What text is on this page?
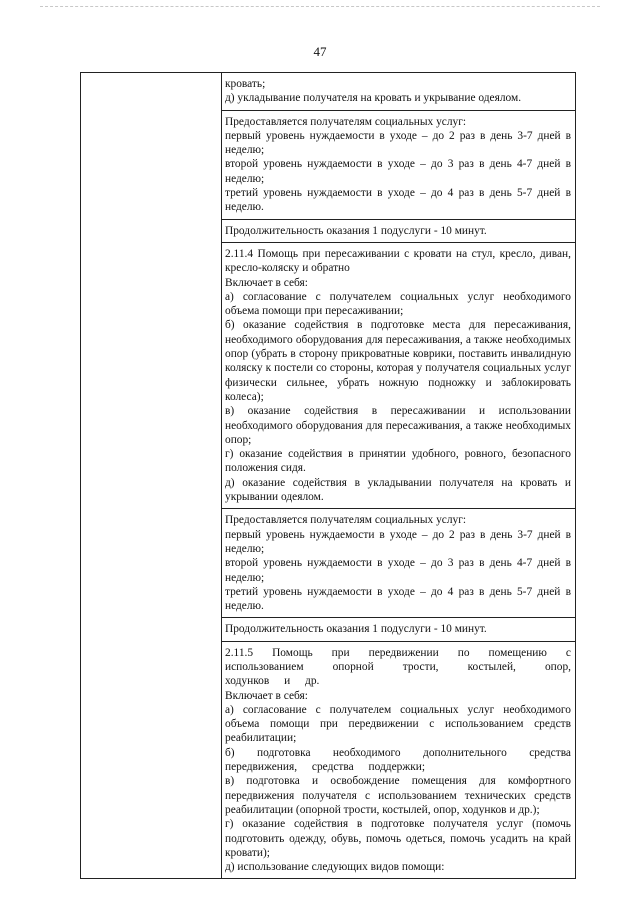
47

кровать;

д) укладывание получателя на кровать и укрывание одеялом.

Предоставляется получателям социальных услуг:

первый уровень нуждаемости в уходе – до 2 раз в день 3-7 дней в неделю;

второй уровень нуждаемости в уходе – до 3 раз в день 4-7 дней в неделю;

третий уровень нуждаемости в уходе – до 4 раз в день 5-7 дней в неделю.

Продолжительность оказания 1 подуслуги - 10 минут.

2.11.4 Помощь при пересаживании с кровати на стул, кресло, диван, кресло-коляску и обратно

Включает в себя:

а) согласование с получателем социальных услуг необходимого объема помощи при пересаживании;

б) оказание содействия в подготовке места для пересаживания, необходимого оборудования для пересаживания, а также необходимых опор (убрать в сторону прикроватные коврики, поставить инвалидную коляску к постели со стороны, которая у получателя социальных услуг физически сильнее, убрать ножную подножку и заблокировать колеса);

в) оказание содействия в пересаживании и использовании необходимого оборудования для пересаживания, а также необходимых опор;

г) оказание содействия в принятии удобного, ровного, безопасного положения сидя.

д) оказание содействия в укладывании получателя на кровать и укрывании одеялом.

Предоставляется получателям социальных услуг:

первый уровень нуждаемости в уходе – до 2 раз в день 3-7 дней в неделю;

второй уровень нуждаемости в уходе – до 3 раз в день 4-7 дней в неделю;

третий уровень нуждаемости в уходе – до 4 раз в день 5-7 дней в неделю.

Продолжительность оказания 1 подуслуги - 10 минут.

2.11.5 Помощь при передвижении по помещению с использованием опорной трости, костылей, опор, ходунков и др.

Включает в себя:

а) согласование с получателем социальных услуг необходимого объема помощи при передвижении с использованием средств реабилитации;

б) подготовка необходимого дополнительного средства передвижения, средства поддержки;

в) подготовка и освобождение помещения для комфортного передвижения получателя с использованием технических средств реабилитации (опорной трости, костылей, опор, ходунков и др.);

г) оказание содействия в подготовке получателя услуг (помочь подготовить одежду, обувь, помочь одеться, помочь усадить на край кровати);

д) использование следующих видов помощи:
